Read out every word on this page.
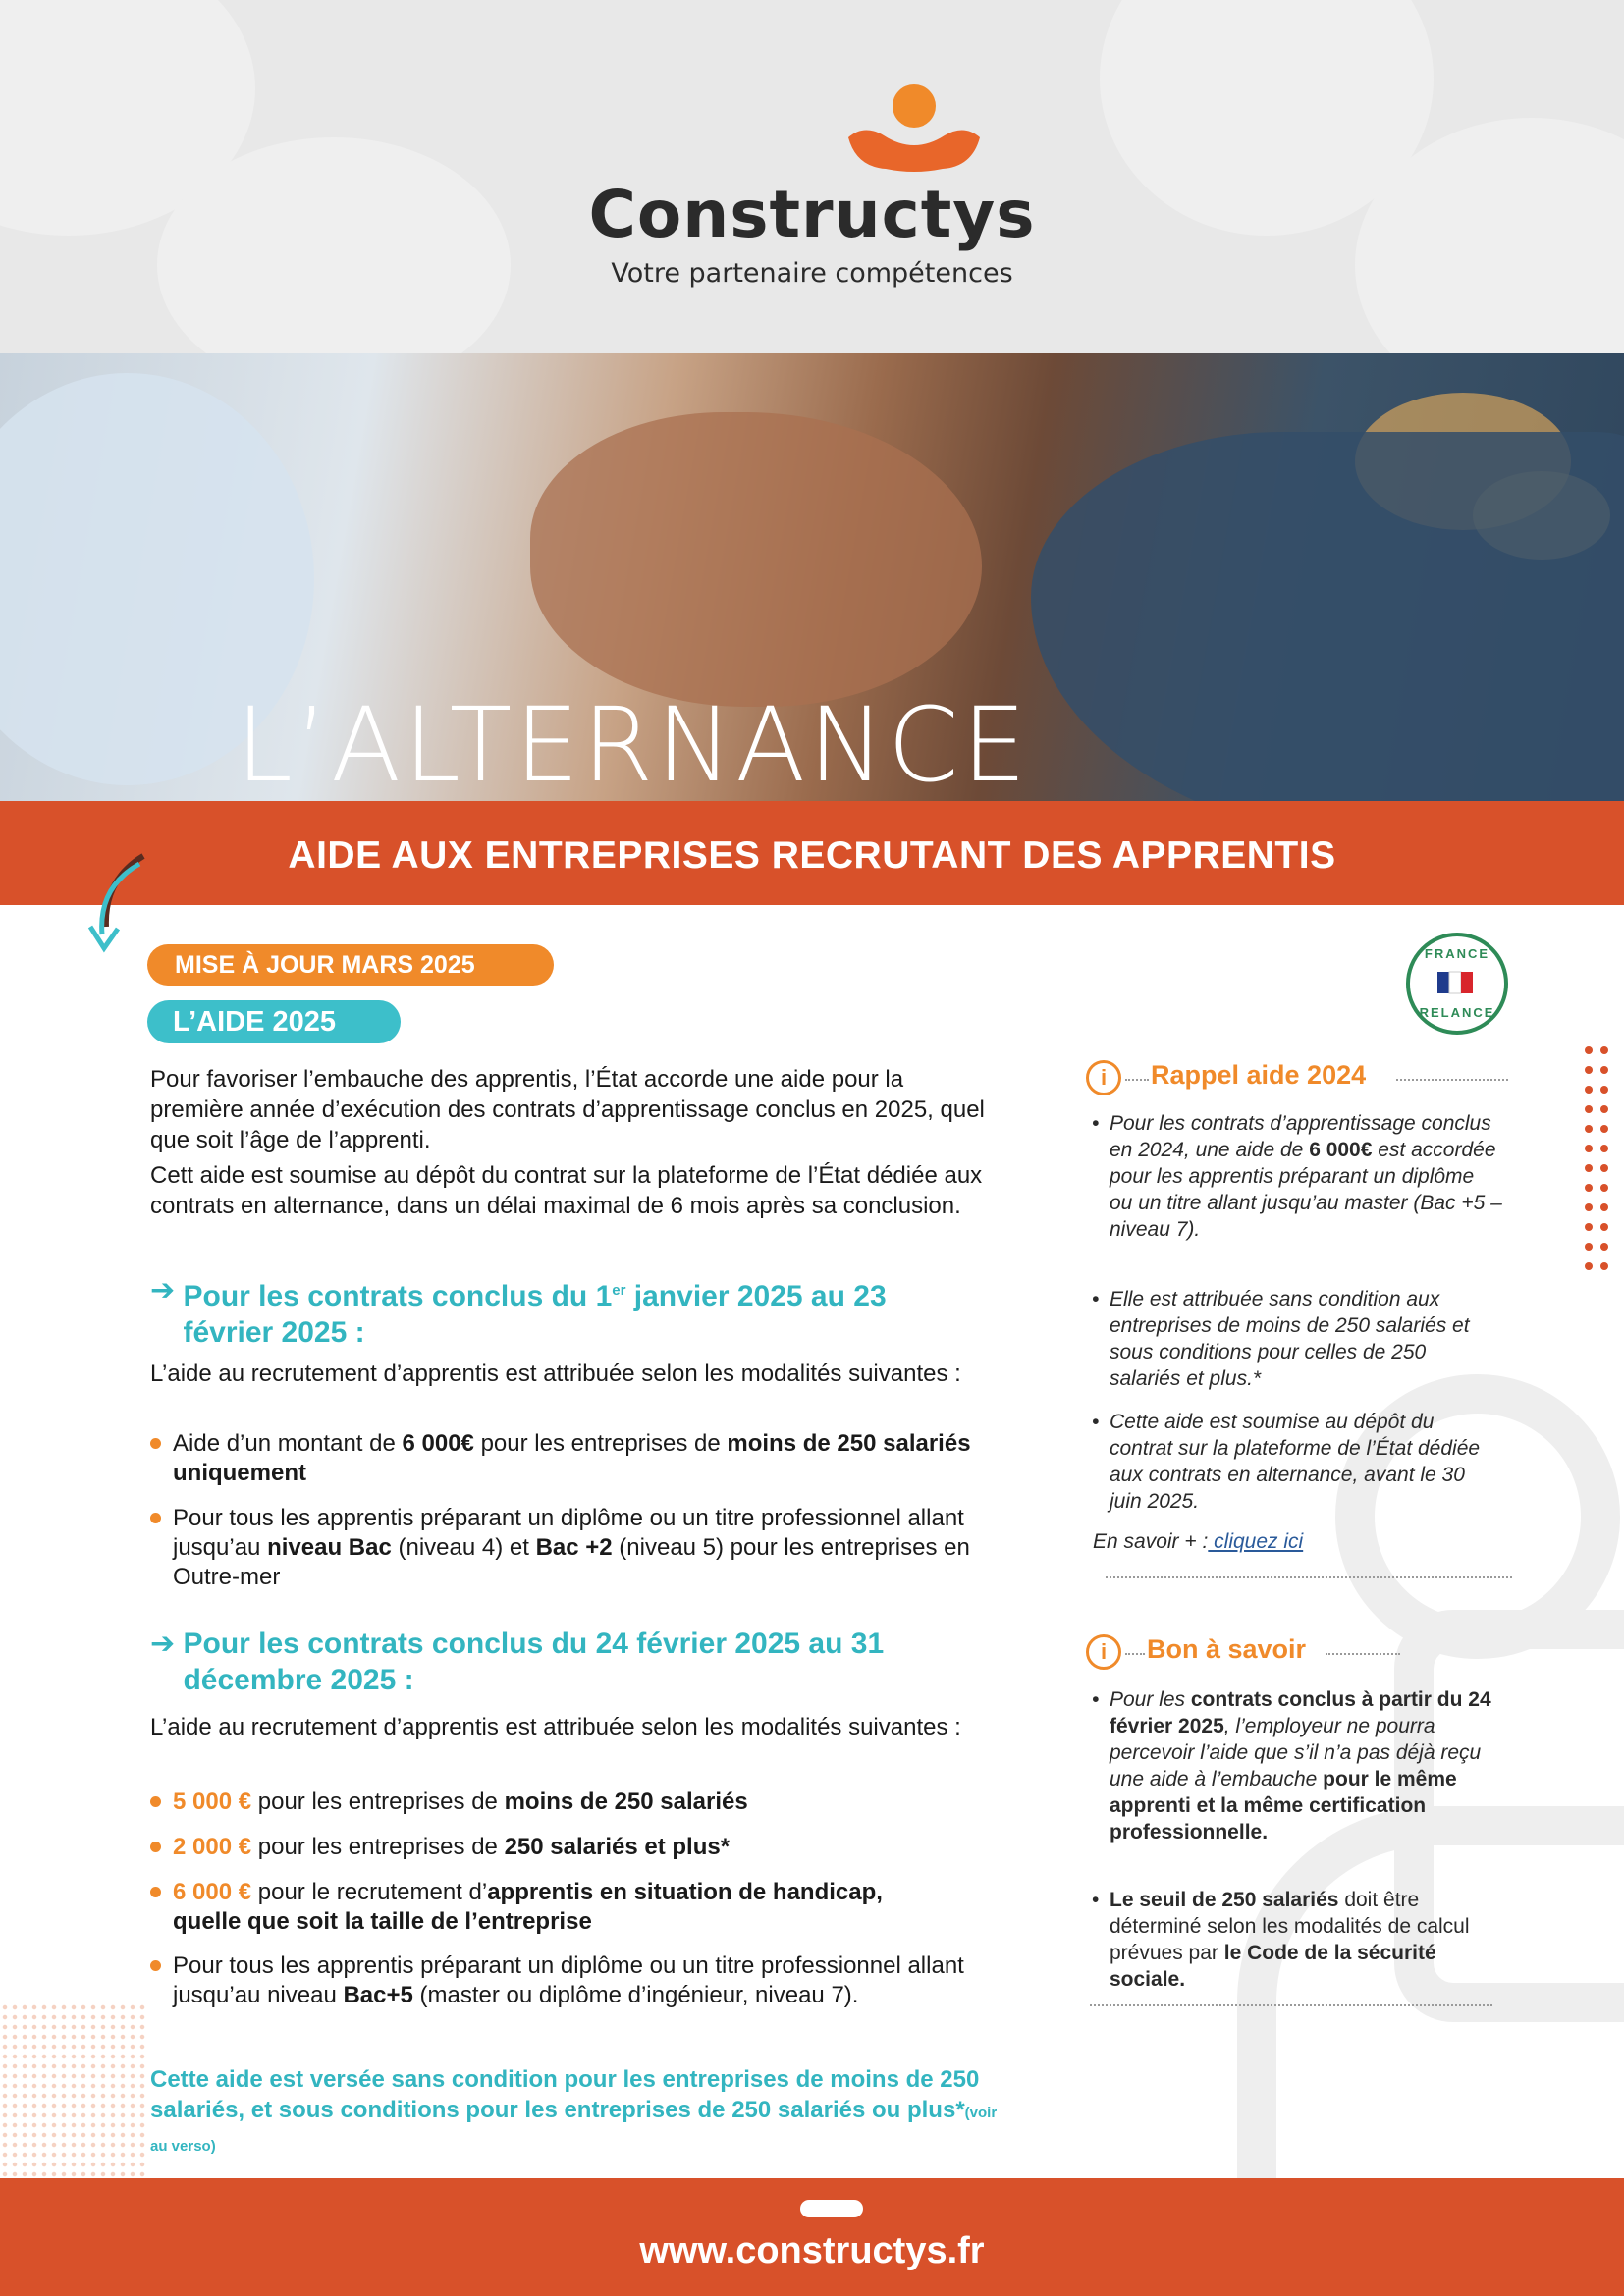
Constructys
Votre partenaire compétences
L’ALTERNANCE
AIDE AUX ENTREPRISES RECRUTANT DES APPRENTIS
MISE À JOUR MARS 2025
L’AIDE 2025
FRANCE
RELANCE
Pour favoriser l’embauche des apprentis, l’État accorde une aide pour la première année d’exécution des contrats d’apprentissage conclus en 2025, quel que soit l’âge de l’apprenti.
Cett aide est soumise au dépôt du contrat sur la plateforme de l’État dédiée aux contrats en alternance, dans un délai maximal de 6 mois après sa conclusion.
➔ Pour les contrats conclus du 1er janvier 2025 au 23 février 2025 :
L’aide au recrutement d’apprentis est attribuée selon les modalités suivantes :
Aide d’un montant de 6 000€ pour les entreprises de moins de 250 salariés uniquement
Pour tous les apprentis préparant un diplôme ou un titre professionnel allant jusqu’au niveau Bac (niveau 4) et Bac +2 (niveau 5) pour les entreprises en Outre-mer
➔ Pour les contrats conclus du 24 février 2025 au 31 décembre 2025 :
L’aide au recrutement d’apprentis est attribuée selon les modalités suivantes :
5 000 € pour les entreprises de moins de 250 salariés
2 000 € pour les entreprises de 250 salariés et plus*
6 000 € pour le recrutement d’apprentis en situation de handicap, quelle que soit la taille de l’entreprise
Pour tous les apprentis préparant un diplôme ou un titre professionnel allant jusqu’au niveau Bac+5 (master ou diplôme d’ingénieur, niveau 7).
Cette aide est versée sans condition pour les entreprises de moins de 250 salariés, et sous conditions pour les entreprises de 250 salariés ou plus*(voir au verso)
i	Rappel aide 2024
• Pour les contrats d’apprentissage conclus en 2024, une aide de 6 000€ est accordée pour les apprentis préparant un diplôme ou un titre allant jusqu’au master (Bac +5 – niveau 7).
• Elle est attribuée sans condition aux entreprises de moins de 250 salariés et sous conditions pour celles de 250 salariés et plus.*
• Cette aide est soumise au dépôt du contrat sur la plateforme de l’État dédiée aux contrats en alternance, avant le 30 juin 2025.
En savoir + : cliquez ici
i	Bon à savoir
• Pour les contrats conclus à partir du 24 février 2025, l’employeur ne pourra percevoir l’aide que s’il n’a pas déjà reçu une aide à l’embauche pour le même apprenti et la même certification professionnelle.
• Le seuil de 250 salariés doit être déterminé selon les modalités de calcul prévues par le Code de la sécurité sociale.
www.constructys.fr
